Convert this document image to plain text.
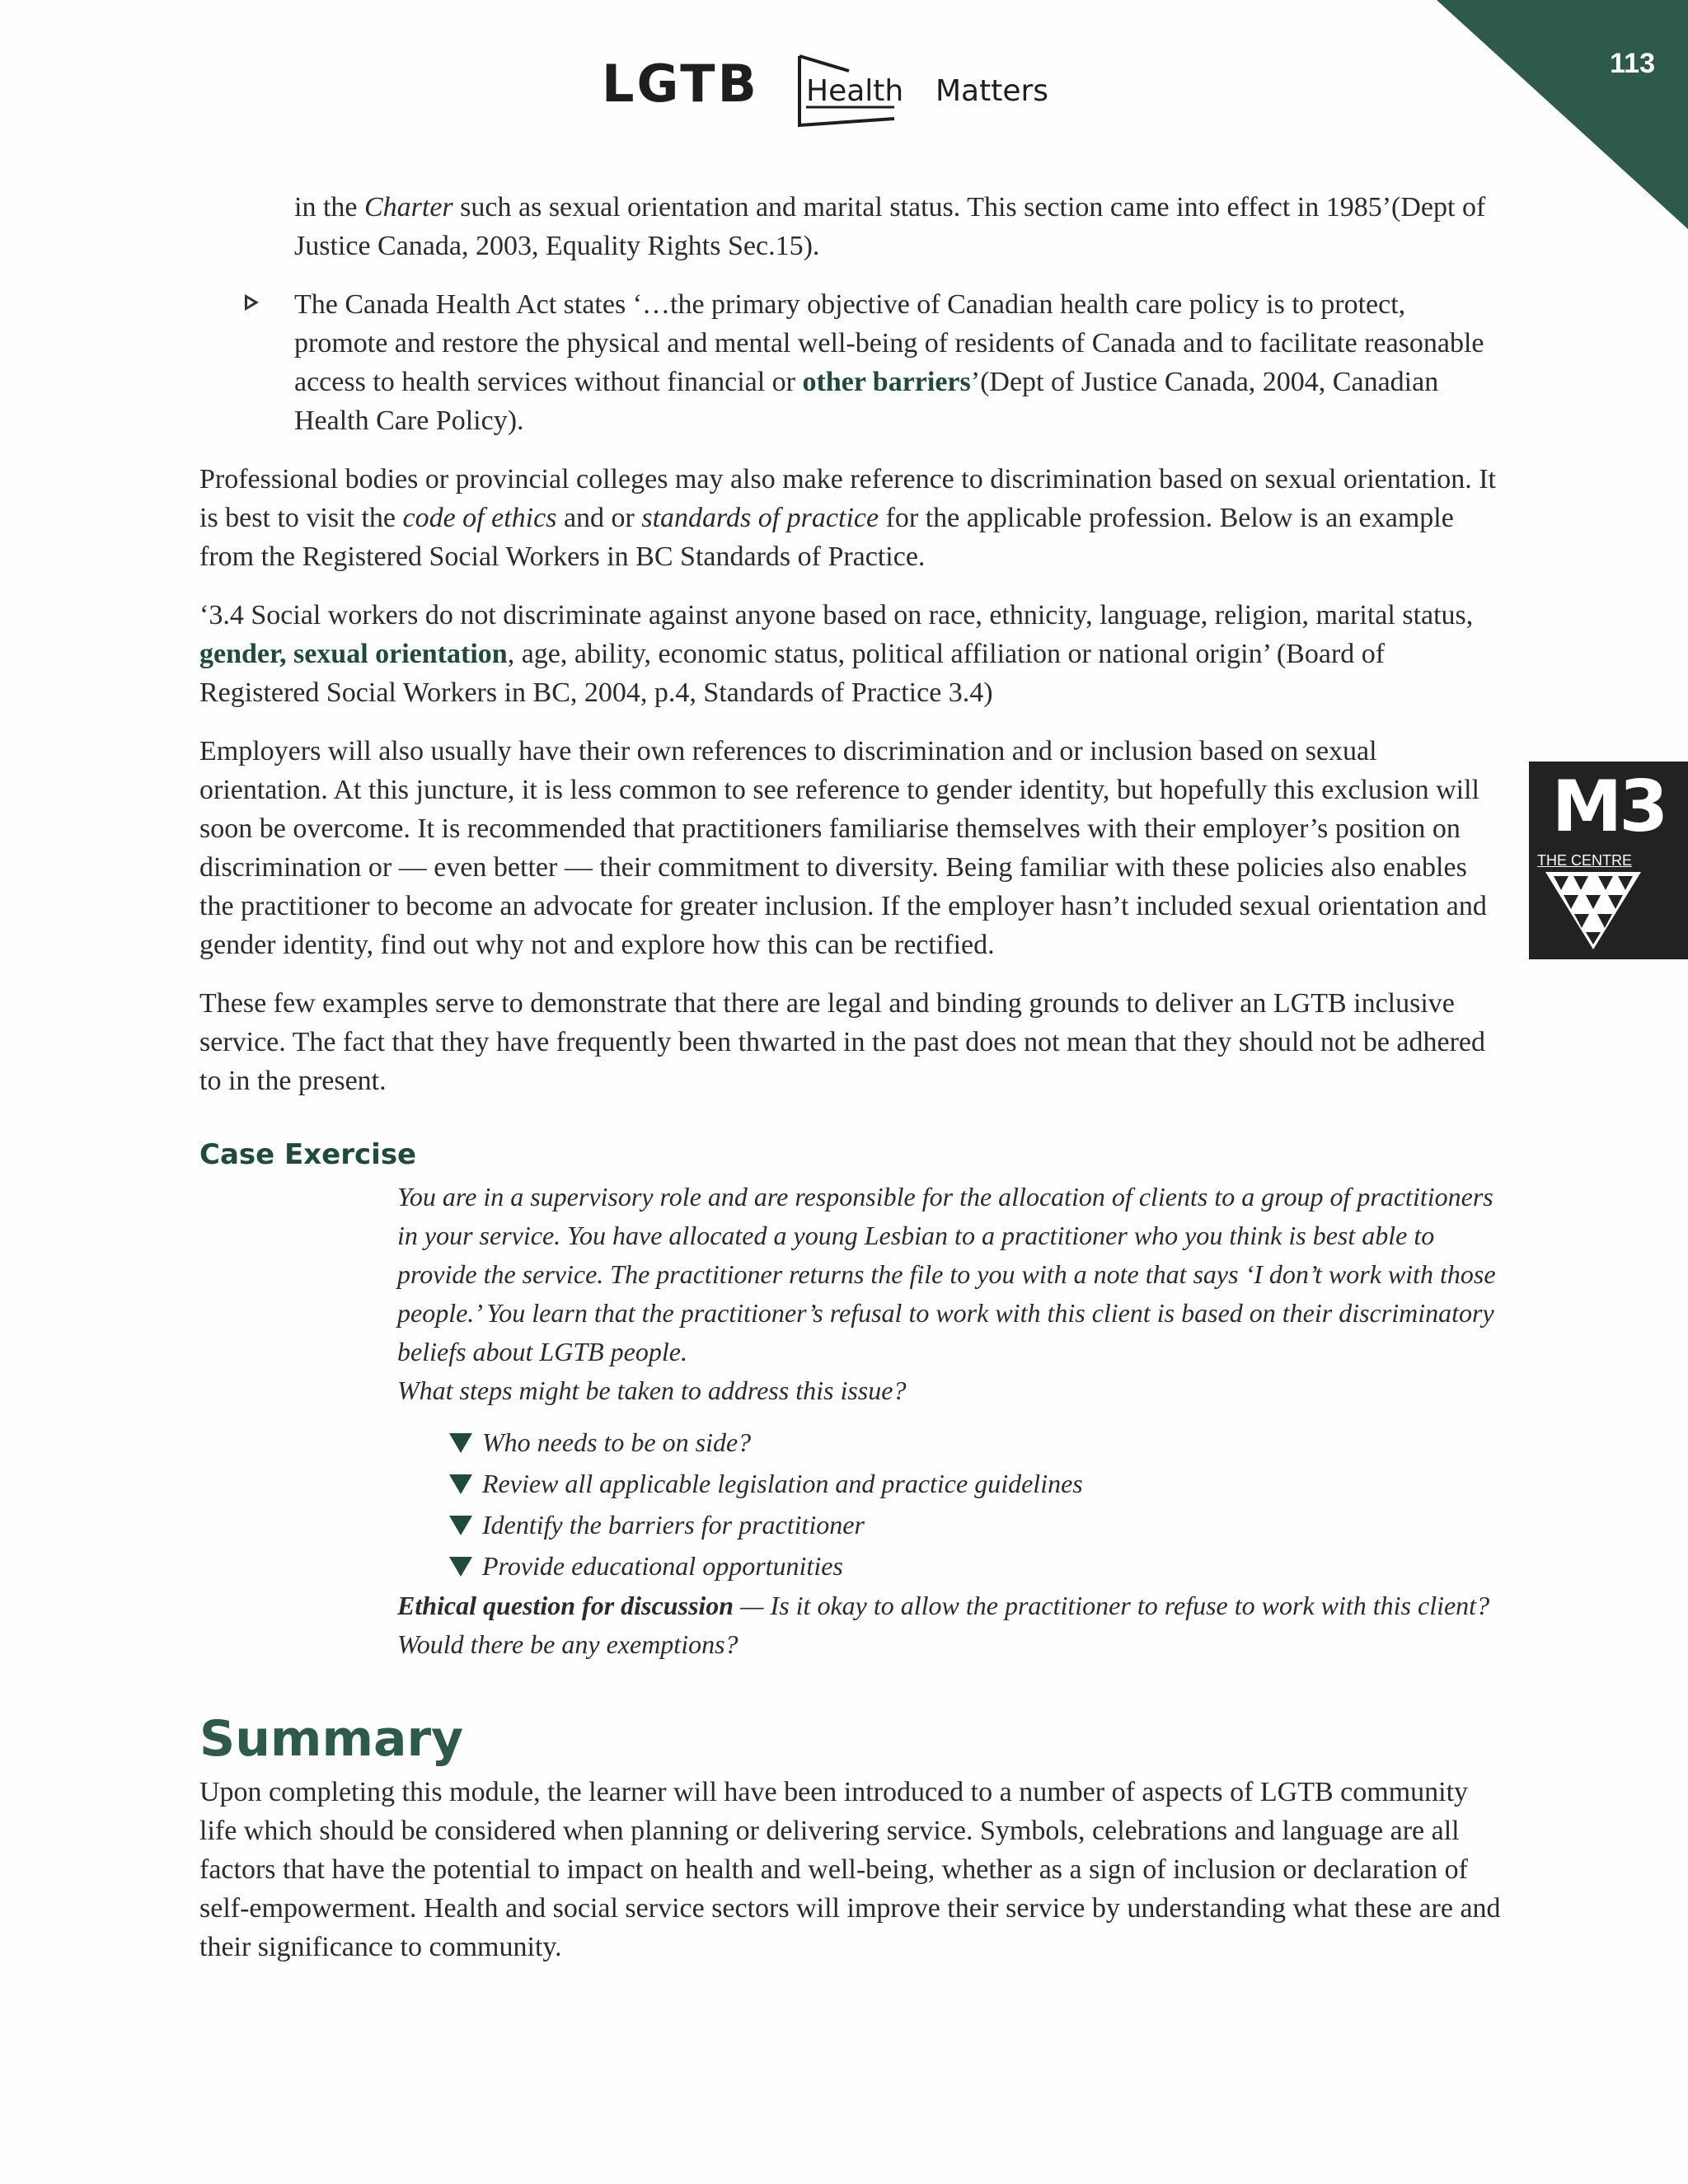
113
LGTB Health Matters
M3
THE CENTRE

in the Charter such as sexual orientation and marital status. This section came into effect in 1985’(Dept of Justice Canada, 2003, Equality Rights Sec.15).

The Canada Health Act states ‘…the primary objective of Canadian health care policy is to protect, promote and restore the physical and mental well-being of residents of Canada and to facilitate reasonable access to health services without financial or other barriers’(Dept of Justice Canada, 2004, Canadian Health Care Policy).

Professional bodies or provincial colleges may also make reference to discrimination based on sexual orientation. It is best to visit the code of ethics and or standards of practice for the applicable profession. Below is an example from the Registered Social Workers in BC Standards of Practice.

‘3.4 Social workers do not discriminate against anyone based on race, ethnicity, language, religion, marital status, gender, sexual orientation, age, ability, economic status, political affiliation or national origin’ (Board of Registered Social Workers in BC, 2004, p.4, Standards of Practice 3.4)

Employers will also usually have their own references to discrimination and or inclusion based on sexual orientation. At this juncture, it is less common to see reference to gender identity, but hopefully this exclusion will soon be overcome. It is recommended that practitioners familiarise themselves with their employer’s position on discrimination or — even better — their commitment to diversity. Being familiar with these policies also enables the practitioner to become an advocate for greater inclusion. If the employer hasn’t included sexual orientation and gender identity, find out why not and explore how this can be rectified.

These few examples serve to demonstrate that there are legal and binding grounds to deliver an LGTB inclusive service. The fact that they have frequently been thwarted in the past does not mean that they should not be adhered to in the present.

Case Exercise

You are in a supervisory role and are responsible for the allocation of clients to a group of practitioners in your service. You have allocated a young Lesbian to a practitioner who you think is best able to provide the service. The practitioner returns the file to you with a note that says ‘I don’t work with those people.’ You learn that the practitioner’s refusal to work with this client is based on their discriminatory beliefs about LGTB people.

What steps might be taken to address this issue?

Who needs to be on side?
Review all applicable legislation and practice guidelines
Identify the barriers for practitioner
Provide educational opportunities

Ethical question for discussion — Is it okay to allow the practitioner to refuse to work with this client? Would there be any exemptions?

Summary

Upon completing this module, the learner will have been introduced to a number of aspects of LGTB community life which should be considered when planning or delivering service. Symbols, celebrations and language are all factors that have the potential to impact on health and well-being, whether as a sign of inclusion or declaration of self-empowerment. Health and social service sectors will improve their service by understanding what these are and their significance to community.
